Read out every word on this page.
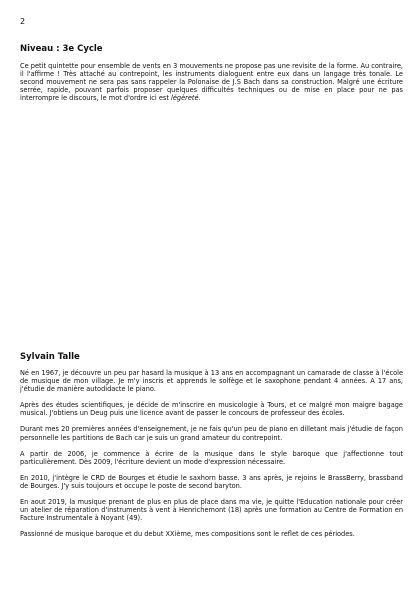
2
Niveau : 3e Cycle

Ce petit quintette pour ensemble de vents en 3 mouvements ne propose pas une revisite de la forme. Au contraire, il l'affirme ! Très attaché au contrepoint, les instruments dialoguent entre eux dans un langage très tonale. Le second mouvement ne sera pas sans rappeler la Polonaise de J.S Bach dans sa construction. Malgré une écriture serrée, rapide, pouvant parfois proposer quelques difficultés techniques ou de mise en place pour ne pas interrompre le discours, le mot d'ordre ici est légèreté.

Sylvain Talle

Né en 1967, je découvre un peu par hasard la musique à 13 ans en accompagnant un camarade de classe à l'école de musique de mon village. Je m'y inscris et apprends le solfège et le saxophone pendant 4 années. A 17 ans, j'étudie de manière autodidacte le piano.

Après des études scientifiques, je décide de m'inscrire en musicologie à Tours, et ce malgré mon maigre bagage musical. J'obtiens un Deug puis une licence avant de passer le concours de professeur des écoles.

Durant mes 20 premières années d'enseignement, je ne fais qu'un peu de piano en dilletant mais j'étudie de façon personnelle les partitions de Bach car je suis un grand amateur du contrepoint.

A partir de 2006, je commence à écrire de la musique dans le style baroque que j'affectionne tout particulièrement. Dès 2009, l'écriture devient un mode d'expression nécessaire.

En 2010, j'intègre le CRD de Bourges et étudie le saxhorn basse. 3 ans après, je rejoins le BrassBerry, brassband de Bourges. J'y suis toujours et occupe le poste de second baryton.

En aout 2019, la musique prenant de plus en plus de place dans ma vie, je quitte l'Education nationale pour créer un atelier de réparation d'instruments à vent à Henrichemont (18) après une formation au Centre de Formation en Facture Instrumentale à Noyant (49).

Passionné de musique baroque et du debut XXième, mes compositions sont le reflet de ces périodes.
